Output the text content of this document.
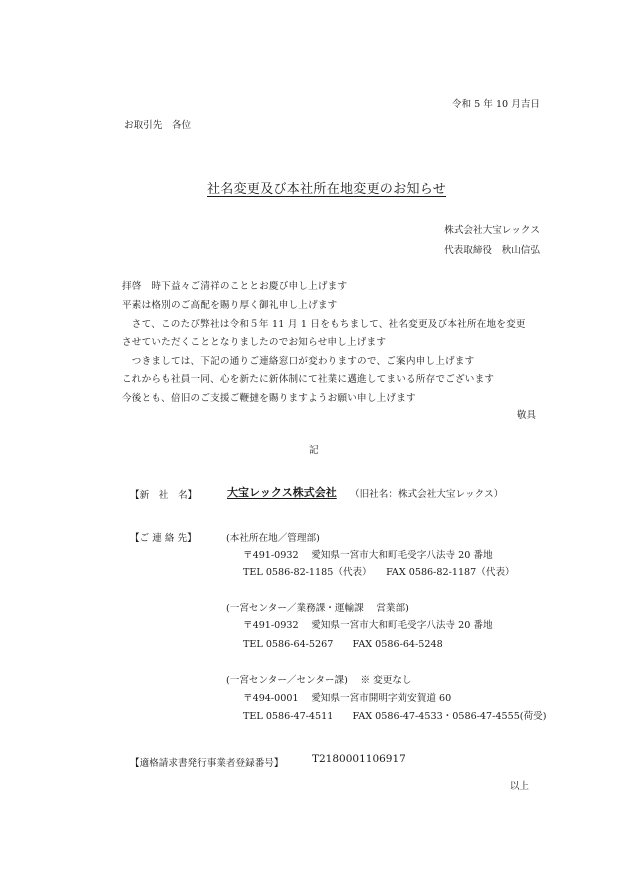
令和 5 年 10 月吉日
お取引先　各位
社名変更及び本社所在地変更のお知らせ
株式会社大宝レックス
代表取締役　秋山信弘
拝啓　時下益々ご清祥のこととお慶び申し上げます
平素は格別のご高配を賜り厚く御礼申し上げます
　さて、このたび弊社は令和５年 11 月 1 日をもちまして、社名変更及び本社所在地を変更
させていただくこととなりましたのでお知らせ申し上げます
　つきましては、下記の通りご連絡窓口が変わりますので、ご案内申し上げます
これからも社員一同、心を新たに新体制にて社業に邁進してまいる所存でございます
今後とも、倍旧のご支援ご鞭撻を賜りますようお願い申し上げます
敬具
記
【新　社　名】	大宝レックス株式会社 （旧社名：株式会社大宝レックス）
【ご 連 絡 先】	(本社所在地／管理部)
〒491-0932　 愛知県一宮市大和町毛受字八法寺 20 番地
TEL 0586-82-1185（代表）　　FAX 0586-82-1187（代表）
(一宮センター／業務課・運輸課　 営業部)
〒491-0932　 愛知県一宮市大和町毛受字八法寺 20 番地
TEL 0586-64-5267　　FAX 0586-64-5248
(一宮センター／センター課)　 ※ 変更なし
〒494-0001　 愛知県一宮市開明字苅安賀道 60
TEL 0586-47-4511　　FAX 0586-47-4533・0586-47-4555(荷受)
【適格請求書発行事業者登録番号】	T2180001106917
以上
